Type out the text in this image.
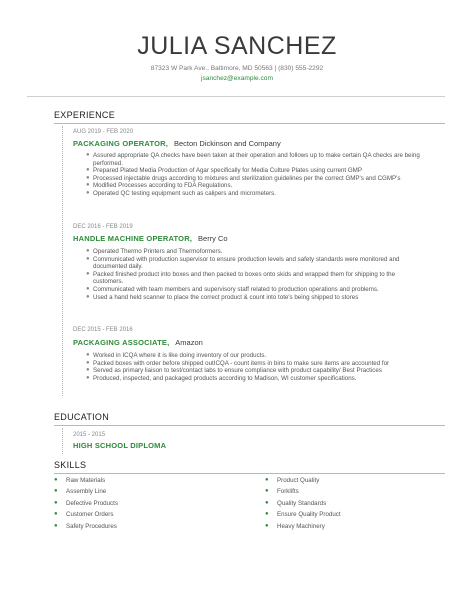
JULIA SANCHEZ
87323 W Park Ave., Baltimore, MD 50563 | (830) 555-2292
jsanchez@example.com
EXPERIENCE
AUG 2019 - FEB 2020
PACKAGING OPERATOR, Becton Dickinson and Company
● Assured appropriate QA checks have been taken at their operation and follows up to make certain QA checks are being performed.
● Prepared Plated Media Production of Agar specifically for Media Culture Plates using current GMP
● Processed injectable drugs according to mixtures and sterilization guidelines per the correct GMP's and CGMP's
● Modified Processes according to FDA Regulations.
● Operated QC testing equipment such as calipers and micrometers.
DEC 2016 - FEB 2019
HANDLE MACHINE OPERATOR, Berry Co
● Operated Thermo Printers and Thermoformers.
● Communicated with production supervisor to ensure production levels and safety standards were monitored and documented daily.
● Packed finished product into boxes and then packed to boxes onto skids and wrapped them for shipping to the customers.
● Communicated with team members and supervisory staff related to production operations and problems.
● Used a hand held scanner to place the correct product & count into tote's being shipped to stores
DEC 2015 - FEB 2016
PACKAGING ASSOCIATE, Amazon
● Worked in ICQA where it is like doing inventory of our products.
● Packed boxes with order before shipped outICQA - count items in bins to make sure items are accounted for
● Served as primary liaison to test/contact labs to ensure compliance with product capability/ Best Practices
● Produced, inspected, and packaged products according to Madison, WI customer specifications.
EDUCATION
2015 - 2015
HIGH SCHOOL DIPLOMA
SKILLS
● Raw Materials
● Assembly Line
● Defective Products
● Customer Orders
● Safety Procedures
● Product Quality
● Forklifts
● Quality Standards
● Ensure Quality Product
● Heavy Machinery
